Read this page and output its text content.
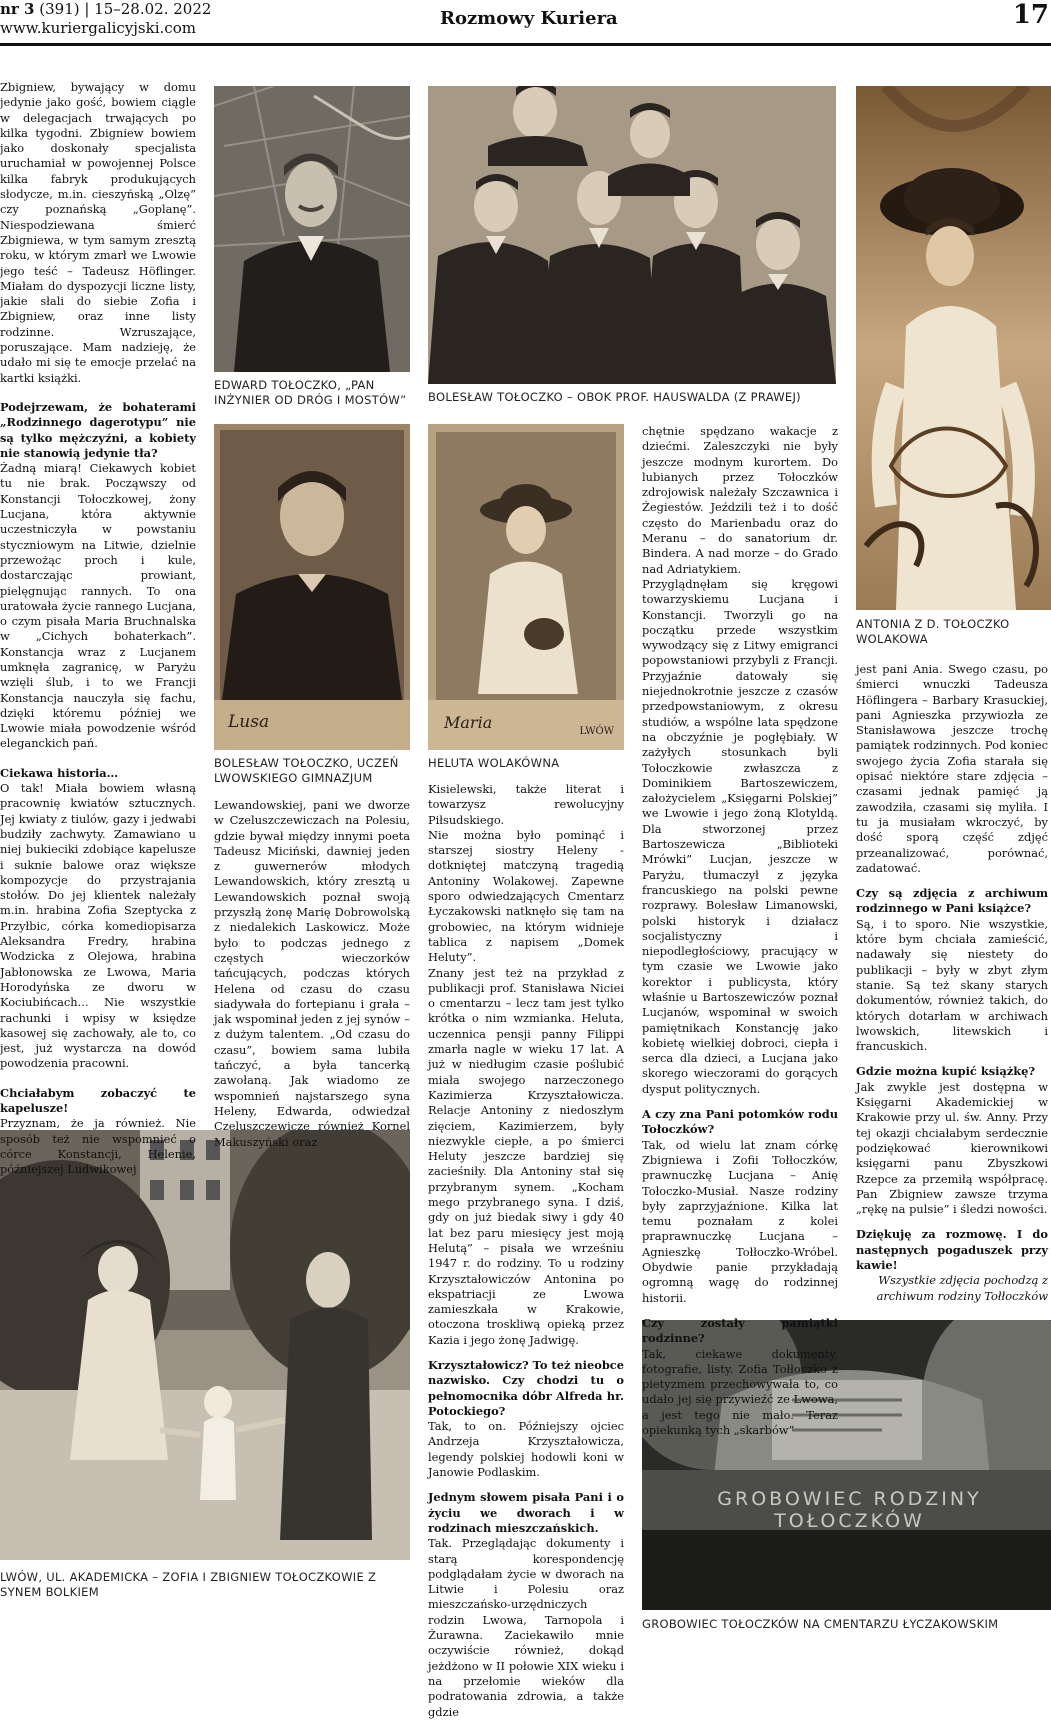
nr 3 (391) | 15–28.02. 2022
www.kuriergalicyjski.com	Rozmowy Kuriera	17
EDWARD TOŁOCZKO, „PAN INŻYNIER OD DRÓG I MOSTÓW”	BOLESŁAW TOŁOCZKO – OBOK PROF. HAUSWALDA (Z PRAWEJ)
ANTONIA Z D. TOŁOCZKO WOLAKOWA
Lusa
BOLESŁAW TOŁOCZKO, UCZEŃ LWOWSKIEGO GIMNAZJUM
Maria	LWÓW
HELUTA WOLAKÓWNA
LWÓW, UL. AKADEMICKA – ZOFIA I ZBIGNIEW TOŁOCZKOWIE Z SYNEM BOLKIEM
GROBOWIEC RODZINY TOŁOCZKÓW
GROBOWIEC TOŁOCZKÓW NA CMENTARZU ŁYCZAKOWSKIM

Zbigniew, bywający w domu jedynie jako gość, bowiem ciągle w delegacjach trwających po kilka tygodni. Zbigniew bowiem jako doskonały specjalista uruchamiał w powojennej Polsce kilka fabryk produkujących słodycze, m.in. cieszyńską „Olzę” czy poznańską „Goplanę”. Niespodziewana śmierć Zbigniewa, w tym samym zresztą roku, w którym zmarł we Lwowie jego teść – Tadeusz Höflinger. Miałam do dyspozycji liczne listy, jakie słali do siebie Zofia i Zbigniew, oraz inne listy rodzinne. Wzruszające, poruszające. Mam nadzieję, że udało mi się te emocje przelać na kartki książki.

Podejrzewam, że bohaterami „Rodzinnego dagerotypu” nie są tylko mężczyźni, a kobiety nie stanowią jedynie tła?

Żadną miarą! Ciekawych kobiet tu nie brak. Począwszy od Konstancji Tołoczkowej, żony Lucjana, która aktywnie uczestniczyła w powstaniu styczniowym na Litwie, dzielnie przewożąc proch i kule, dostarczając prowiant, pielęgnując rannych. To ona uratowała życie rannego Lucjana, o czym pisała Maria Bruchnalska w „Cichych bohaterkach”. Konstancja wraz z Lucjanem umknęła zagranicę, w Paryżu wzięli ślub, i to we Francji Konstancja nauczyła się fachu, dzięki któremu później we Lwowie miała powodzenie wśród eleganckich pań.

Ciekawa historia…

O tak! Miała bowiem własną pracownię kwiatów sztucznych. Jej kwiaty z tiulów, gazy i jedwabi budziły zachwyty. Zamawiano u niej bukieciki zdobiące kapelusze i suknie balowe oraz większe kompozycje do przystrajania stołów. Do jej klientek należały m.in. hrabina Zofia Szeptycka z Przyłbic, córka komediopisarza Aleksandra Fredry, hrabina Wodzicka z Olejowa, hrabina Jabłonowska ze Lwowa, Maria Horodyńska ze dworu w Kociubińcach... Nie wszystkie rachunki i wpisy w księdze kasowej się zachowały, ale to, co jest, już wystarcza na dowód powodzenia pracowni.

Chciałabym zobaczyć te kapelusze!

Przyznam, że ja również. Nie sposób też nie wspomnieć o córce Konstancji, Helenie, późniejszej Ludwikowej

Lewandowskiej, pani we dworze w Czeluszczewiczach na Polesiu, gdzie bywał między innymi poeta Tadeusz Miciński, dawniej jeden z guwernerów młodych Lewandowskich, który zresztą u Lewandowskich poznał swoją przyszłą żonę Marię Dobrowolską z niedalekich Laskowicz. Może było to podczas jednego z częstych wieczorków tańcujących, podczas których Helena od czasu do czasu siadywała do fortepianu i grała – jak wspominał jeden z jej synów – z dużym talentem. „Od czasu do czasu”, bowiem sama lubiła tańczyć, a była tancerką zawołaną. Jak wiadomo ze wspomnień najstarszego syna Heleny, Edwarda, odwiedzał Czeluszczewicze również Kornel Makuszyński oraz

Kisielewski, także literat i towarzysz rewolucyjny Piłsudskiego.

Nie można było pominąć i starszej siostry Heleny - dotkniętej matczyną tragedią Antoniny Wolakowej. Zapewne sporo odwiedzających Cmentarz Łyczakowski natknęło się tam na grobowiec, na którym widnieje tablica z napisem „Domek Heluty”.

Znany jest też na przykład z publikacji prof. Stanisława Niciei o cmentarzu – lecz tam jest tylko krótka o nim wzmianka. Heluta, uczennica pensji panny Filippi zmarła nagle w wieku 17 lat. A już w niedługim czasie poślubić miała swojego narzeczonego Kazimierza Krzyształowicza. Relacje Antoniny z niedoszłym zięciem, Kazimierzem, były niezwykle ciepłe, a po śmierci Heluty jeszcze bardziej się zacieśniły. Dla Antoniny stał się przybranym synem. „Kocham mego przybranego syna. I dziś, gdy on już biedak siwy i gdy 40 lat bez paru miesięcy jest moją Helutą” – pisała we wrześniu 1947 r. do rodziny. To u rodziny Krzyształowiczów Antonina po ekspatriacji ze Lwowa zamieszkała w Krakowie, otoczona troskliwą opieką przez Kazia i jego żonę Jadwigę.

Krzyształowicz? To też nieobce nazwisko. Czy chodzi tu o pełnomocnika dóbr Alfreda hr. Potockiego?

Tak, to on. Późniejszy ojciec Andrzeja Krzyształowicza, legendy polskiej hodowli koni w Janowie Podlaskim.

Jednym słowem pisała Pani i o życiu we dworach i w rodzinach mieszczańskich.

Tak. Przeglądając dokumenty i starą korespondencję podglądałam życie w dworach na Litwie i Polesiu oraz mieszczańsko-urzędniczych rodzin Lwowa, Tarnopola i Żurawna. Zaciekawiło mnie oczywiście również, dokąd jeżdżono w II połowie XIX wieku i na przełomie wieków dla podratowania zdrowia, a także gdzie

chętnie spędzano wakacje z dziećmi. Zaleszczyki nie były jeszcze modnym kurortem. Do lubianych przez Tołoczków zdrojowisk należały Szczawnica i Żegiestów. Jeździli też i to dość często do Marienbadu oraz do Meranu – do sanatorium dr. Bindera. A nad morze – do Grado nad Adriatykiem.

Przyglądnęłam się kręgowi towarzyskiemu Lucjana i Konstancji. Tworzyli go na początku przede wszystkim wywodzący się z Litwy emigranci popowstaniowi przybyli z Francji. Przyjaźnie datowały się niejednokrotnie jeszcze z czasów przedpowstaniowym, z okresu studiów, a wspólne lata spędzone na obczyźnie je pogłębiały. W zażyłych stosunkach byli Tołoczkowie zwłaszcza z Dominikiem Bartoszewiczem, założycielem „Księgarni Polskiej” we Lwowie i jego żoną Klotyldą. Dla stworzonej przez Bartoszewicza „Biblioteki Mrówki” Lucjan, jeszcze w Paryżu, tłumaczył z języka francuskiego na polski pewne rozprawy. Bolesław Limanowski, polski historyk i działacz socjalistyczny i niepodległościowy, pracujący w tym czasie we Lwowie jako korektor i publicysta, który właśnie u Bartoszewiczów poznał Lucjanów, wspominał w swoich pamiętnikach Konstancję jako kobietę wielkiej dobroci, ciepła i serca dla dzieci, a Lucjana jako skorego wieczorami do gorących dysput politycznych.

A czy zna Pani potomków rodu Tołoczków?

Tak, od wielu lat znam córkę Zbigniewa i Zofii Tołłoczków, prawnuczkę Lucjana – Anię Tołoczko-Musiał. Nasze rodziny były zaprzyjaźnione. Kilka lat temu poznałam z kolei praprawnuczkę Lucjana – Agnieszkę Tołłoczko-Wróbel. Obydwie panie przykładają ogromną wagę do rodzinnej historii.

Czy zostały pamiątki rodzinne?

Tak, ciekawe dokumenty, fotografie, listy. Zofia Tołłoczko z pietyzmem przechowywała to, co udało jej się przywieźć ze Lwowa, a jest tego nie mało. Teraz opiekunką tych „skarbów”

jest pani Ania. Swego czasu, po śmierci wnuczki Tadeusza Höflingera – Barbary Krasuckiej, pani Agnieszka przywiozła ze Stanisławowa jeszcze trochę pamiątek rodzinnych. Pod koniec swojego życia Zofia starała się opisać niektóre stare zdjęcia – czasami jednak pamięć ją zawodziła, czasami się myliła. I tu ja musiałam wkroczyć, by dość sporą część zdjęć przeanalizować, porównać, zadatować.

Czy są zdjęcia z archiwum rodzinnego w Pani książce?

Są, i to sporo. Nie wszystkie, które bym chciała zamieścić, nadawały się niestety do publikacji – były w zbyt złym stanie. Są też skany starych dokumentów, również takich, do których dotarłam w archiwach lwowskich, litewskich i francuskich.

Gdzie można kupić książkę?

Jak zwykle jest dostępna w Księgarni Akademickiej w Krakowie przy ul. św. Anny. Przy tej okazji chciałabym serdecznie podziękować kierownikowi księgarni panu Zbyszkowi Rzepce za przemiłą współpracę. Pan Zbigniew zawsze trzyma „rękę na pulsie” i śledzi nowości.

Dziękuję za rozmowę. I do następnych pogaduszek przy kawie!

Wszystkie zdjęcia pochodzą z archiwum rodziny Tołłoczków
